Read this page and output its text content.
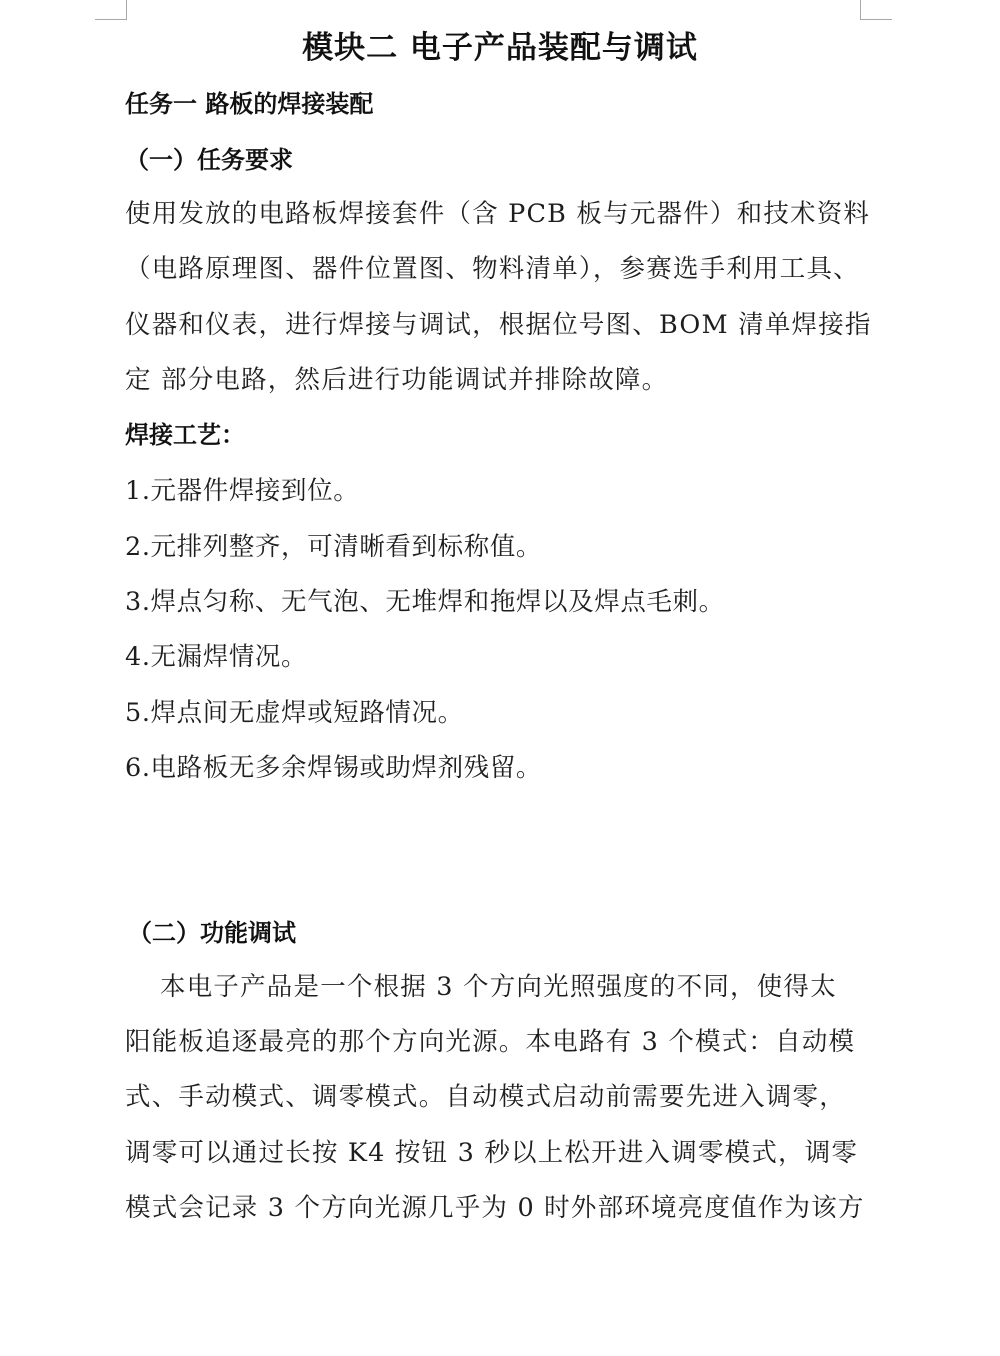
模块二 电子产品装配与调试
任务一 路板的焊接装配
（一）任务要求
使用发放的电路板焊接套件（含 PCB 板与元器件）和技术资料
（电路原理图、器件位置图、物料清单），参赛选手利用工具、
仪器和仪表，进行焊接与调试，根据位号图、BOM 清单焊接指
定 部分电路，然后进行功能调试并排除故障。
焊接工艺：
1.元器件焊接到位。
2.元排列整齐，可清晰看到标称值。
3.焊点匀称、无气泡、无堆焊和拖焊以及焊点毛刺。
4.无漏焊情况。
5.焊点间无虚焊或短路情况。
6.电路板无多余焊锡或助焊剂残留。
（二）功能调试
本电子产品是一个根据 3 个方向光照强度的不同，使得太
阳能板追逐最亮的那个方向光源。本电路有 3 个模式：自动模
式、手动模式、调零模式。自动模式启动前需要先进入调零，
调零可以通过长按 K4 按钮 3 秒以上松开进入调零模式，调零
模式会记录 3 个方向光源几乎为 0 时外部环境亮度值作为该方
